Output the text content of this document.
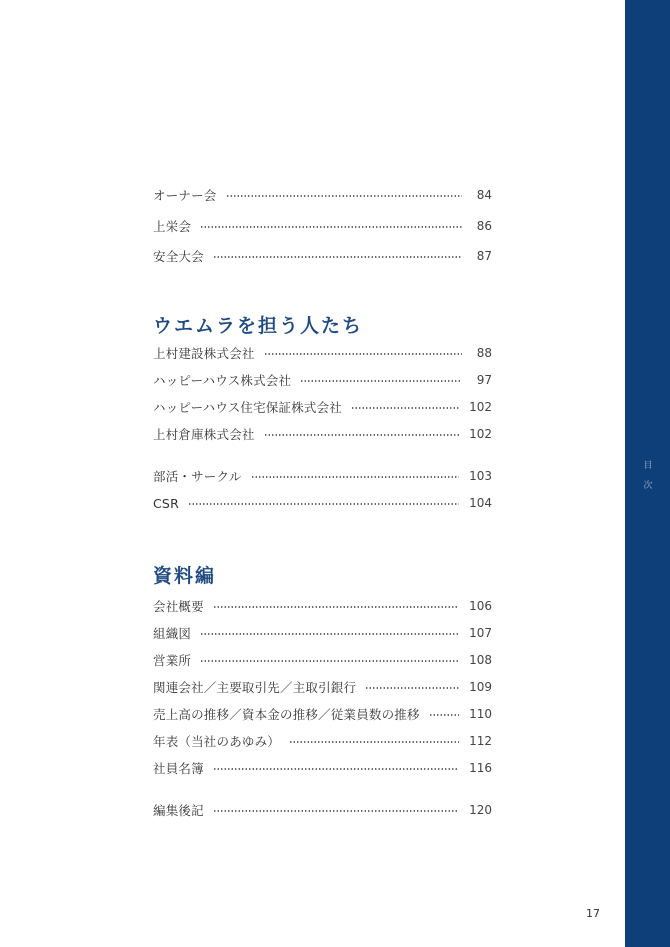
目
次
オーナー会	84
上栄会	86
安全大会	87
ウエムラを担う人たち
上村建設株式会社	88
ハッピーハウス株式会社	97
ハッピーハウス住宅保証株式会社	102
上村倉庫株式会社	102
部活・サークル	103
CSR	104
資料編
会社概要	106
組織図	107
営業所	108
関連会社／主要取引先／主取引銀行	109
売上高の推移／資本金の推移／従業員数の推移	110
年表（当社のあゆみ）	112
社員名簿	116
編集後記	120
17
